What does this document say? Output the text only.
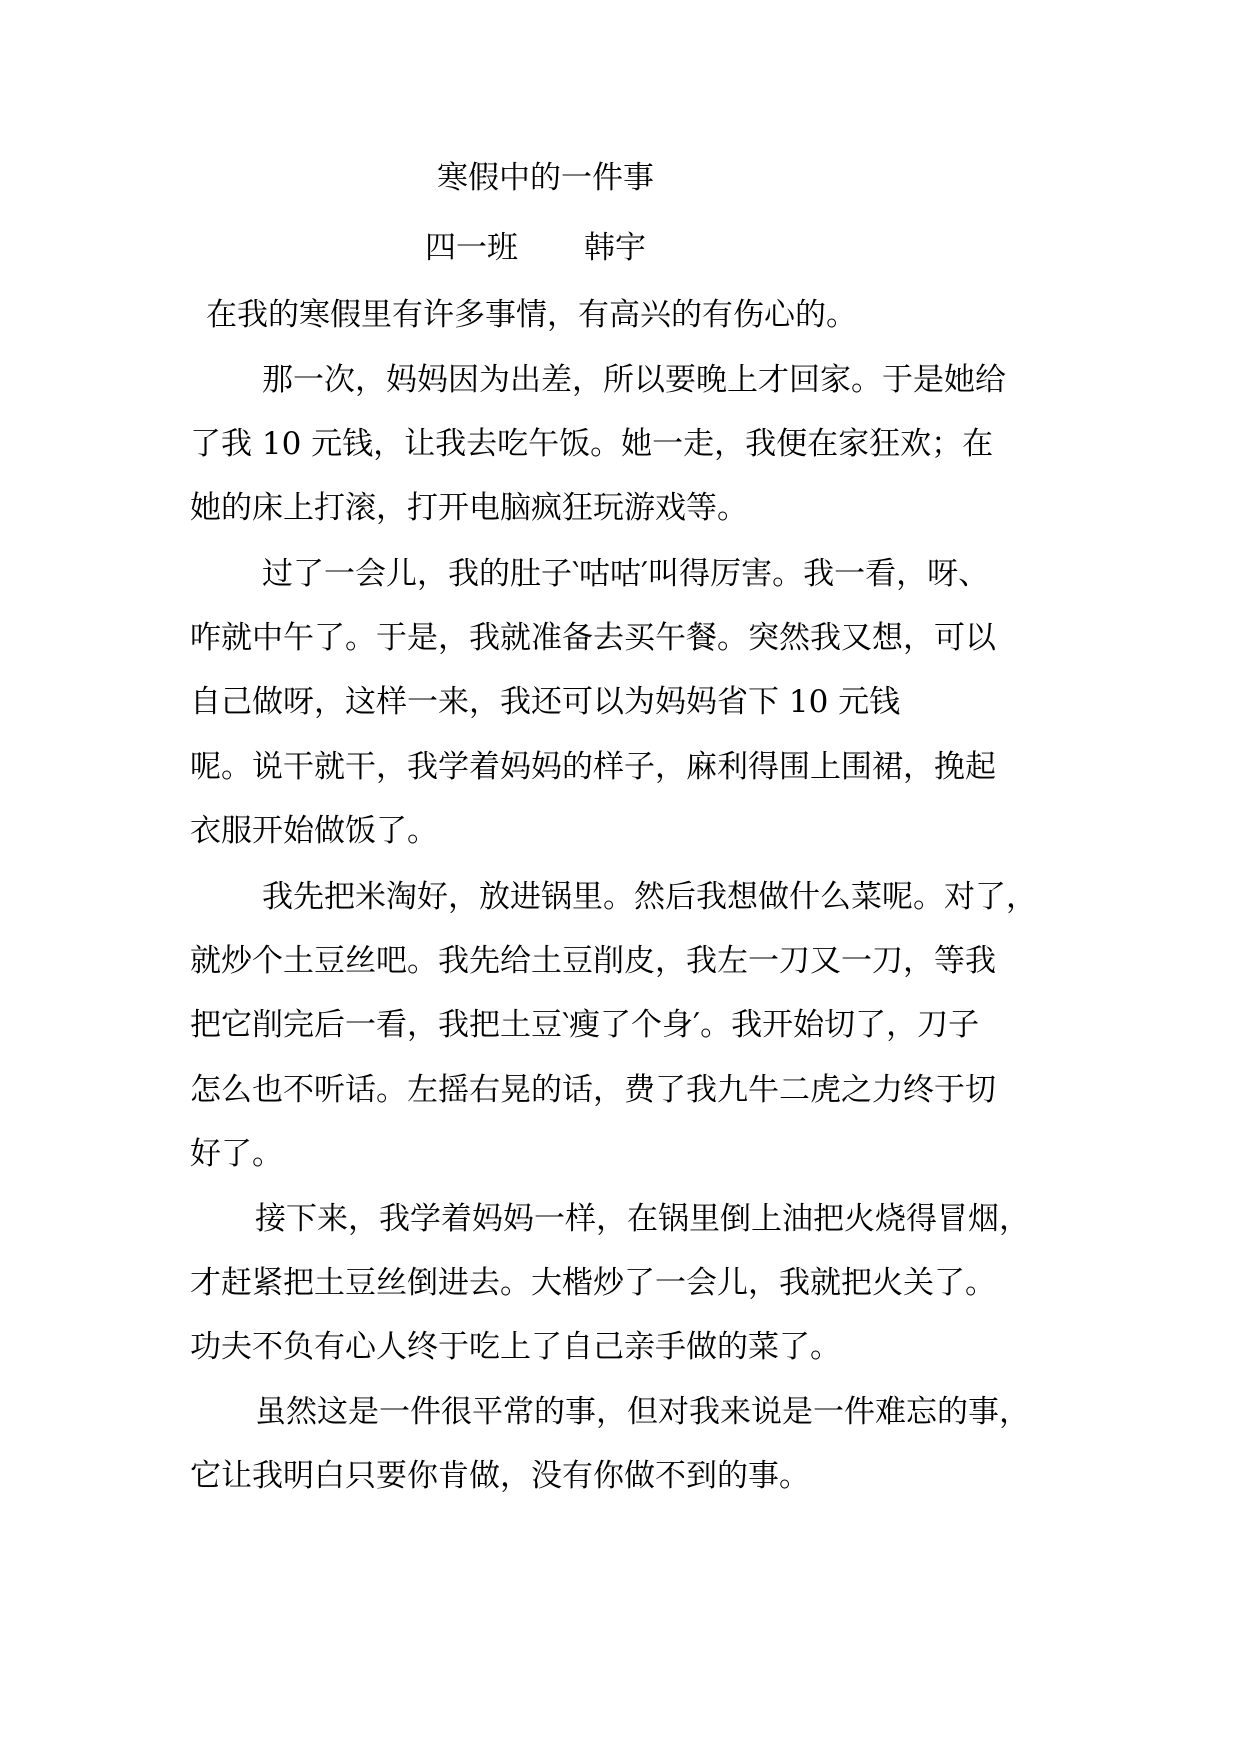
寒假中的一件事
四一班 韩宇
在我的寒假里有许多事情，有高兴的有伤心的。
那一次，妈妈因为出差，所以要晚上才回家。于是她给
了我 10 元钱，让我去吃午饭。她一走，我便在家狂欢；在
她的床上打滚，打开电脑疯狂玩游戏等。
过了一会儿，我的肚子‵咕咕′叫得厉害。我一看，呀、
咋就中午了。于是，我就准备去买午餐。突然我又想，可以
自己做呀，这样一来，我还可以为妈妈省下 10 元钱
呢。说干就干，我学着妈妈的样子，麻利得围上围裙，挽起
衣服开始做饭了。
我先把米淘好，放进锅里。然后我想做什么菜呢。对了，
就炒个土豆丝吧。我先给土豆削皮，我左一刀又一刀，等我
把它削完后一看，我把土豆‵瘦了个身′。我开始切了，刀子
怎么也不听话。左摇右晃的话，费了我九牛二虎之力终于切
好了。
接下来，我学着妈妈一样，在锅里倒上油把火烧得冒烟，
才赶紧把土豆丝倒进去。大楷炒了一会儿，我就把火关了。
功夫不负有心人终于吃上了自己亲手做的菜了。
虽然这是一件很平常的事，但对我来说是一件难忘的事，
它让我明白只要你肯做，没有你做不到的事。
